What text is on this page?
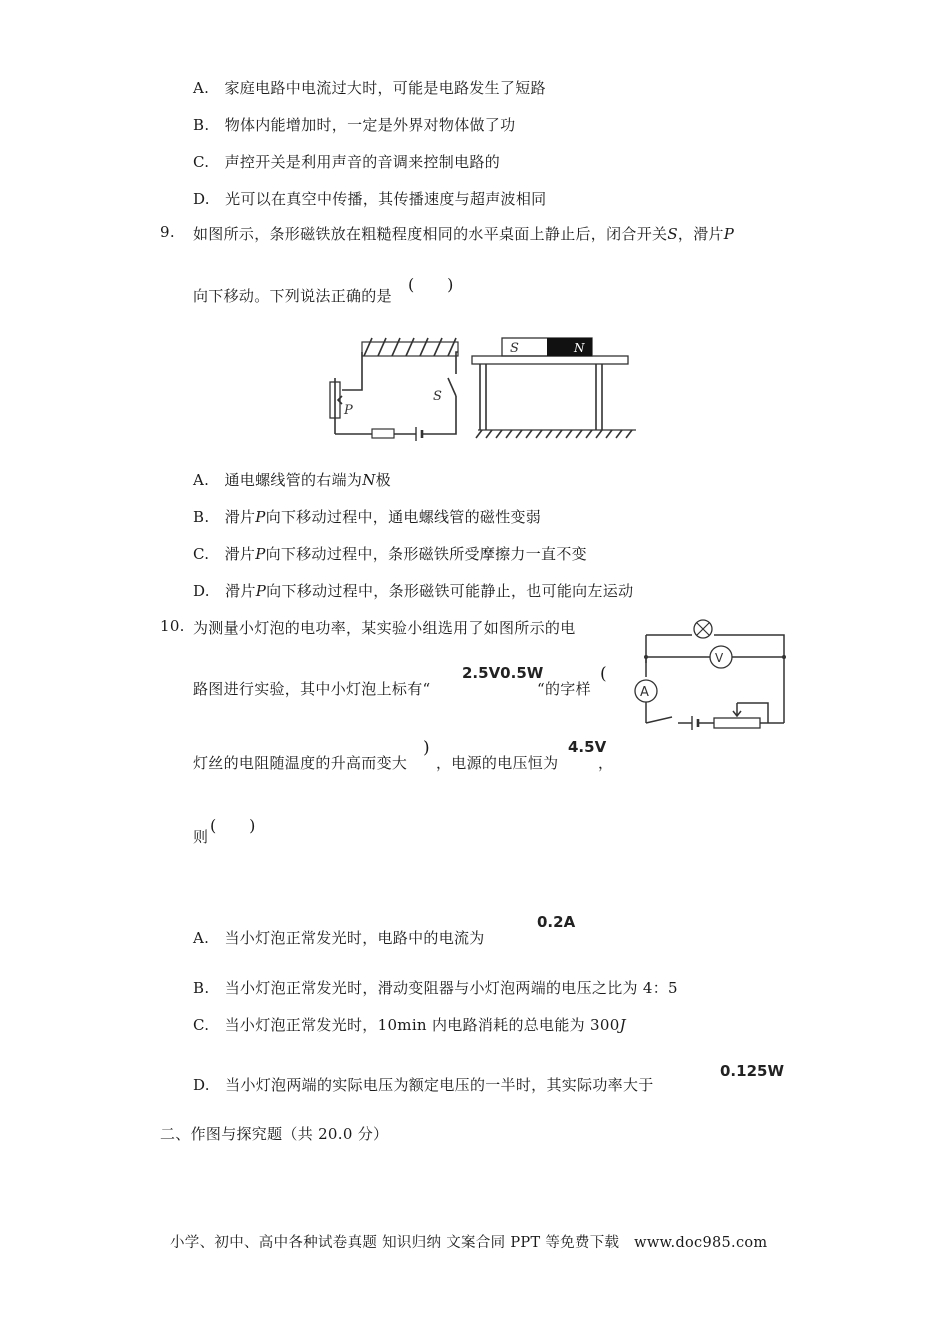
A.　家庭电路中电流过大时，可能是电路发生了短路
B.　物体内能增加时，一定是外界对物体做了功
C.　声控开关是利用声音的音调来控制电路的
D.　光可以在真空中传播，其传播速度与超声波相同
9. 如图所示，条形磁铁放在粗糙程度相同的水平桌面上静止后，闭合开关S，滑片P
向下移动。下列说法正确的是
(　　)
S	N
P
S
A.　通电螺线管的右端为N极
B.　滑片P向下移动过程中，通电螺线管的磁性变弱
C.　滑片P向下移动过程中，条形磁铁所受摩擦力一直不变
D.　滑片P向下移动过程中，条形磁铁可能静止，也可能向左运动
10. 为测量小灯泡的电功率，某实验小组选用了如图所示的电
路图进行实验，其中小灯泡上标有“
2.5V0.5W
“的字样
(
A
V
灯丝的电阻随温度的升高而变大
)
，电源的电压恒为
4.5V
，
则
(　　)
A.　当小灯泡正常发光时，电路中的电流为
0.2A
B.　当小灯泡正常发光时，滑动变阻器与小灯泡两端的电压之比为 4：5
C.　当小灯泡正常发光时，10min 内电路消耗的总电能为 300J
D.　当小灯泡两端的实际电压为额定电压的一半时，其实际功率大于
0.125W
二、作图与探究题（共 20.0 分）
小学、初中、高中各种试卷真题 知识归纳 文案合同 PPT 等免费下载　www.doc985.com
